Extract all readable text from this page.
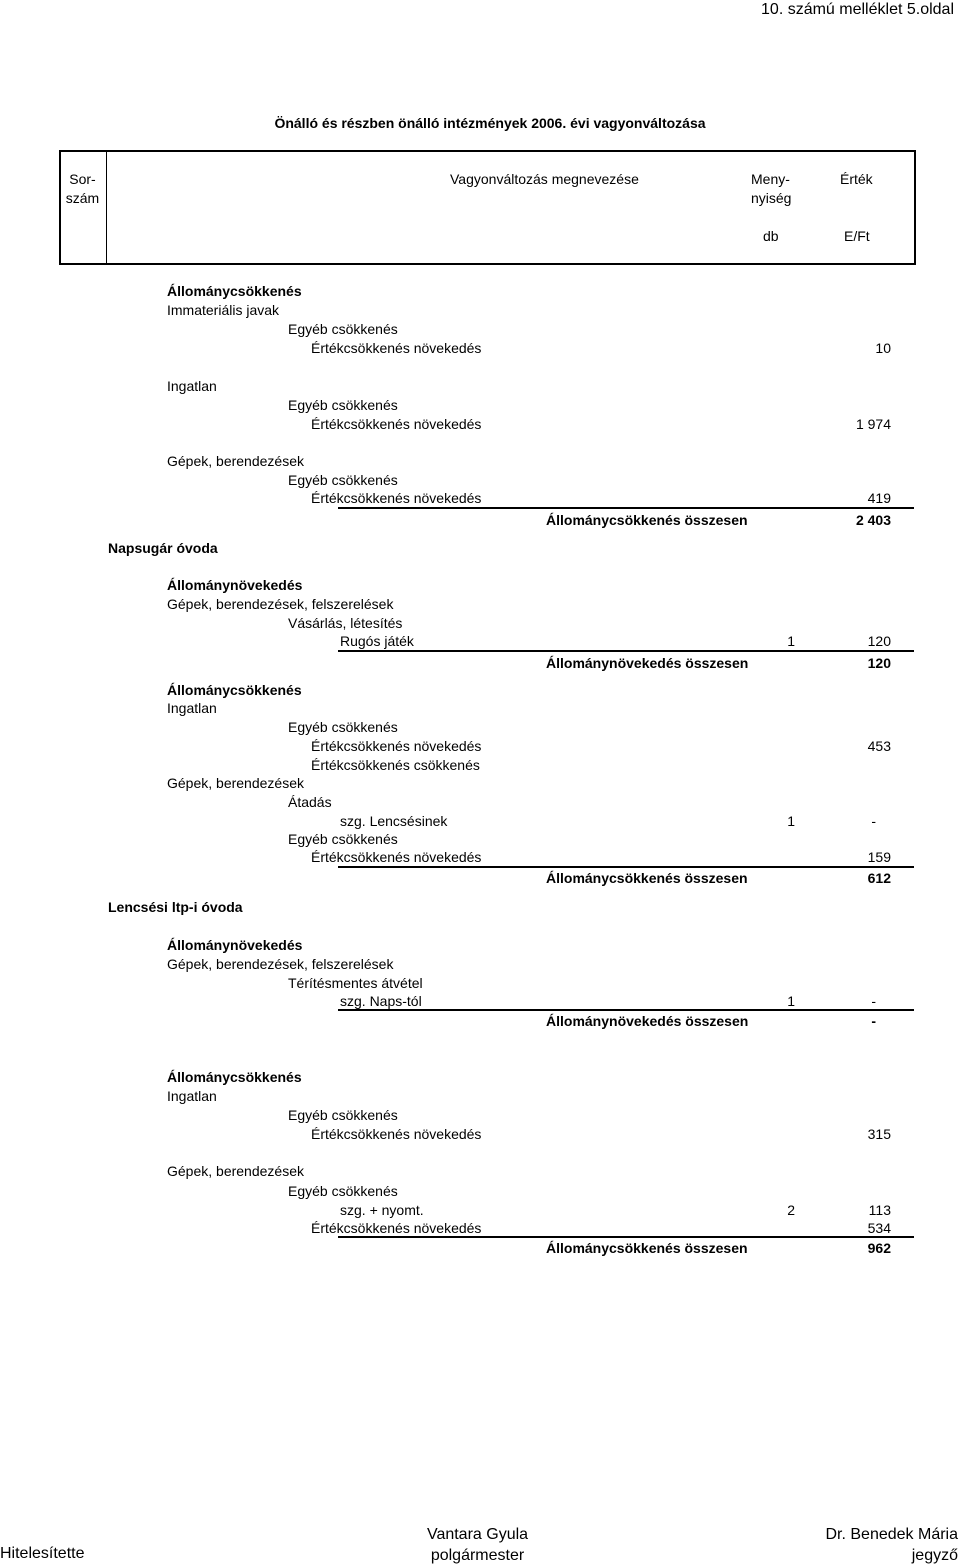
10. számú melléklet 5.oldal
Önálló és részben önálló intézmények 2006. évi vagyonváltozása
Sor-
szám
Vagyonváltozás megnevezése	Meny-
nyiség
Érték
db	E/Ft
Állománycsökkenés
Immateriális javak
Egyéb csökkenés
Értékcsökkenés növekedés	10
Ingatlan
Egyéb csökkenés
Értékcsökkenés növekedés	1 974
Gépek, berendezések
Egyéb csökkenés
Értékcsökkenés növekedés	419
Állománycsökkenés összesen	2 403
Napsugár óvoda
Állománynövekedés
Gépek, berendezések, felszerelések
Vásárlás, létesítés
Rugós játék	1	120
Állománynövekedés összesen	120
Állománycsökkenés
Ingatlan
Egyéb csökkenés
Értékcsökkenés növekedés	453
Értékcsökkenés csökkenés
Gépek, berendezések
Átadás
szg. Lencsésinek	1	-
Egyéb csökkenés
Értékcsökkenés növekedés	159
Állománycsökkenés összesen	612
Lencsési ltp-i óvoda
Állománynövekedés
Gépek, berendezések, felszerelések
Térítésmentes átvétel
szg. Naps-tól	1	-
Állománynövekedés összesen	-
Állománycsökkenés
Ingatlan
Egyéb csökkenés
Értékcsökkenés növekedés	315
Gépek, berendezések
Egyéb csökkenés
szg. + nyomt.	2	113
Értékcsökkenés növekedés	534
Állománycsökkenés összesen	962
Hitelesítette
Vantara Gyula
polgármester
Dr. Benedek Mária
jegyző
